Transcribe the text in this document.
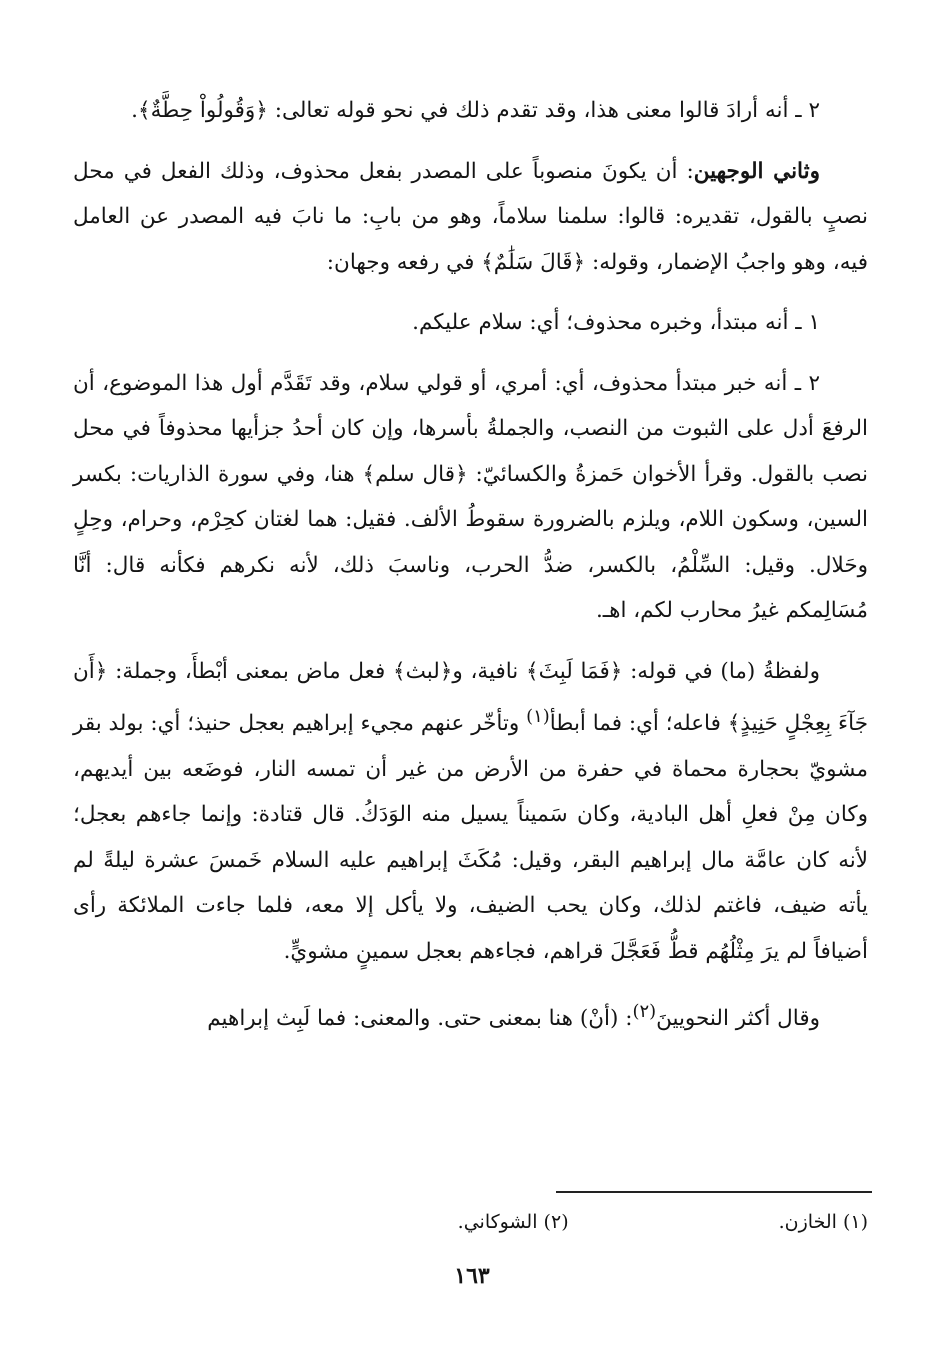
٢ ـ أنه أرادَ قالوا معنى هذا، وقد تقدم ذلك في نحو قوله تعالى: ﴿وَقُولُواْ حِطَّةٌ﴾.

وثاني الوجهين: أن يكونَ منصوباً على المصدر بفعل محذوف، وذلك الفعل في محل نصبٍ بالقول، تقديره: قالوا: سلمنا سلاماً، وهو من بابِ: ما نابَ فيه المصدر عن العامل فيه، وهو واجبُ الإضمار، وقوله: ﴿قَالَ سَلَٰمٌ﴾ في رفعه وجهان:

١ ـ أنه مبتدأ، وخبره محذوف؛ أي: سلام عليكم.

٢ ـ أنه خبر مبتدأ محذوف، أي: أمري، أو قولي سلام، وقد تَقَدَّم أول هذا الموضوع، أن الرفعَ أدل على الثبوت من النصب، والجملةُ بأسرها، وإن كان أحدُ جزأيها محذوفاً في محل نصب بالقول. وقرأ الأخوان حَمزةُ والكسائيّ: ﴿قال سلم﴾ هنا، وفي سورة الذاريات: بكسر السين، وسكون اللام، ويلزم بالضرورة سقوطُ الألف. فقيل: هما لغتان كحِرْم، وحرام، وحِلٍ وحَلال. وقيل: السِّلْمُ، بالكسر، ضدُّ الحرب، وناسبَ ذلك، لأنه نكرهم فكأنه قال: أنَّا مُسَالِمكم غيرُ محارب لكم، اهـ.

ولفظةُ (ما) في قوله: ﴿فَمَا لَبِثَ﴾ نافية، و﴿لبث﴾ فعل ماض بمعنى أبْطأَ، وجملة: ﴿أَن جَآءَ بِعِجْلٍ حَنِيذٍ﴾ فاعله؛ أي: فما أبطأ$^{(١)}$ وتأخّر عنهم مجيء إبراهيم بعجل حنيذ؛ أي: بولد بقر مشويّ بحجارة محماة في حفرة من الأرض من غير أن تمسه النار، فوضَعه بين أيديهم، وكان مِنْ فعلِ أهل البادية، وكان سَميناً يسيل منه الوَدَكُ. قال قتادة: وإنما جاءهم بعجل؛ لأنه كان عامَّة مال إبراهيم البقر، وقيل: مُكَثَ إبراهيم عليه السلام خَمسَ عشرة ليلةً لم يأته ضيف، فاغتم لذلك، وكان يحب الضيف، ولا يأكل إلا معه، فلما جاءت الملائكة رأى أضيافاً لم يرَ مِثْلُهُم قطُّ فَعَجَّلَ قراهم، فجاءهم بعجل سمينٍ مشويٍّ.

وقال أكثر النحويينَ$^{(٢)}$: (أنْ) هنا بمعنى حتى. والمعنى: فما لَبِث إبراهيم

(١) الخازن.
(٢) الشوكاني.
١٦٣
